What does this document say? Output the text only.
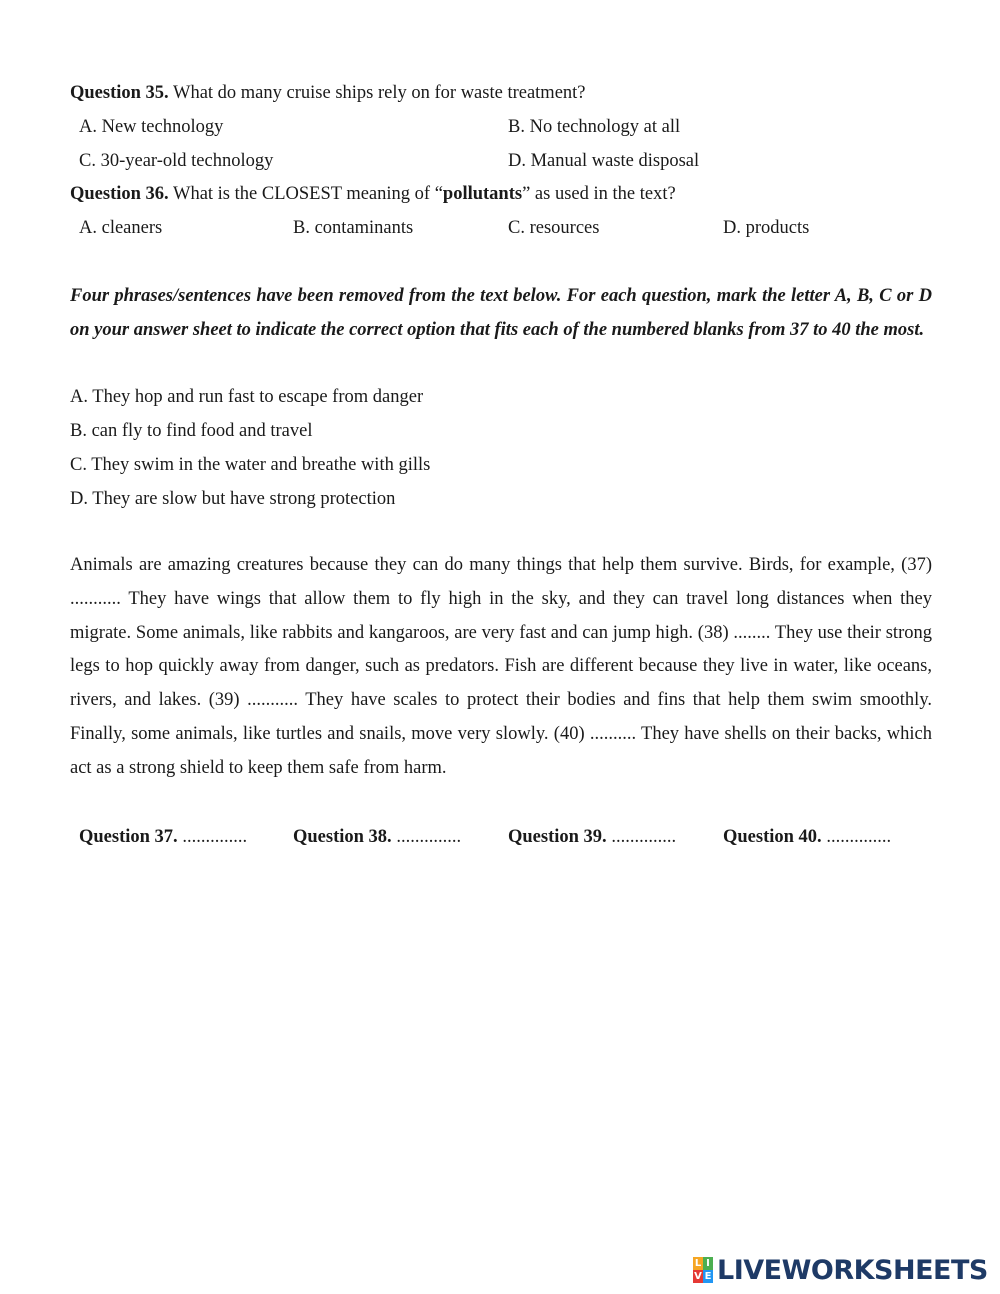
Question 35. What do many cruise ships rely on for waste treatment?
A. New technology	B. No technology at all
C. 30-year-old technology	D. Manual waste disposal
Question 36. What is the CLOSEST meaning of “pollutants” as used in the text?
A. cleaners	B. contaminants	C. resources	D. products
Four phrases/sentences have been removed from the text below. For each question, mark the letter A, B, C or D on your answer sheet to indicate the correct option that fits each of the numbered blanks from 37 to 40 the most.
A. They hop and run fast to escape from danger
B. can fly to find food and travel
C. They swim in the water and breathe with gills
D. They are slow but have strong protection
Animals are amazing creatures because they can do many things that help them survive. Birds, for example, (37) ........... They have wings that allow them to fly high in the sky, and they can travel long distances when they migrate. Some animals, like rabbits and kangaroos, are very fast and can jump high. (38) ........ They use their strong legs to hop quickly away from danger, such as predators. Fish are different because they live in water, like oceans, rivers, and lakes. (39) ........... They have scales to protect their bodies and fins that help them swim smoothly. Finally, some animals, like turtles and snails, move very slowly. (40) .......... They have shells on their backs, which act as a strong shield to keep them safe from harm.
Question 37. .............. Question 38. ..............	Question 39. ..............	Question 40. ..............
L I
V E LIVEWORKSHEETS
